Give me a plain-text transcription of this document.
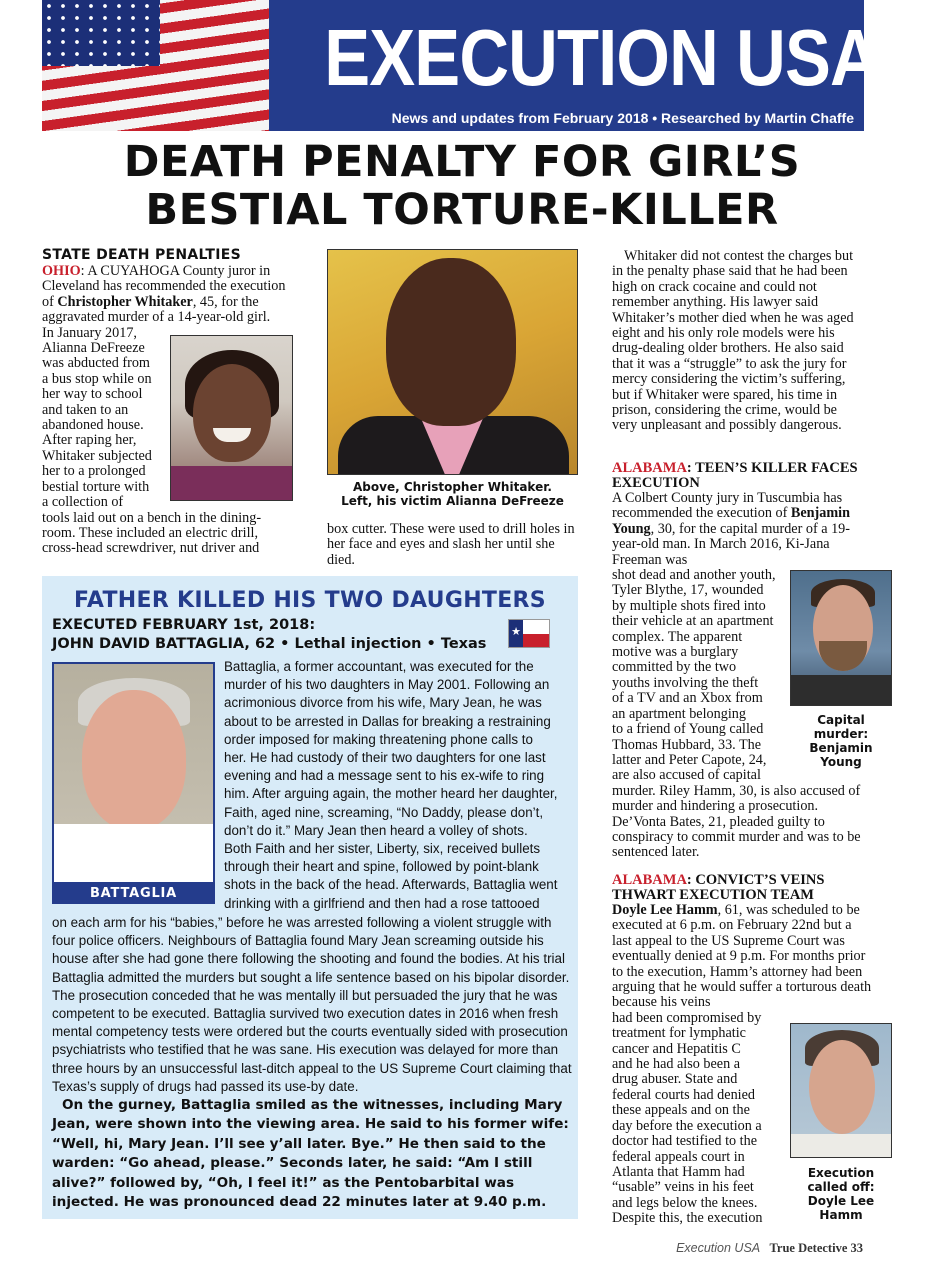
EXECUTION USA
News and updates from February 2018 • Researched by Martin Chaffe
DEATH PENALTY FOR GIRL’S
BESTIAL TORTURE-KILLER
STATE DEATH PENALTIES
OHIO: A CUYAHOGA County juror in Cleveland has recommended the execution of Christopher Whitaker, 45, for the aggravated murder of a 14-year-old girl.
In January 2017,
Alianna DeFreeze
was abducted from
a bus stop while on
her way to school
and taken to an
abandoned house.
After raping her,
Whitaker subjected
her to a prolonged
bestial torture with
a collection of
tools laid out on a bench in the dining-room. These included an electric drill, cross-head screwdriver, nut driver and
Above, Christopher Whitaker.
Left, his victim Alianna DeFreeze
box cutter. These were used to drill holes in her face and eyes and slash her until she died.
Whitaker did not contest the charges but in the penalty phase said that he had been high on crack cocaine and could not remember anything. His lawyer said Whitaker’s mother died when he was aged eight and his only role models were his drug-dealing older brothers. He also said that it was a “struggle” to ask the jury for mercy considering the victim’s suffering, but if Whitaker were spared, his time in prison, considering the crime, would be very unpleasant and possibly dangerous.
ALABAMA: TEEN’S KILLER FACES EXECUTION
A Colbert County jury in Tuscumbia has recommended the execution of Benjamin Young, 30, for the capital murder of a 19-year-old man. In March 2016, Ki-Jana Freeman was
shot dead and another youth,
Tyler Blythe, 17, wounded
by multiple shots fired into
their vehicle at an apartment
complex. The apparent
motive was a burglary
committed by the two
youths involving the theft
of a TV and an Xbox from
an apartment belonging
to a friend of Young called
Thomas Hubbard, 33. The
latter and Peter Capote, 24,
are also accused of capital
murder. Riley Hamm, 30, is also accused of murder and hindering a prosecution. De’Vonta Bates, 21, pleaded guilty to conspiracy to commit murder and was to be sentenced later.
Capital
murder:
Benjamin
Young
ALABAMA: CONVICT’S VEINS THWART EXECUTION TEAM
Doyle Lee Hamm, 61, was scheduled to be executed at 6 p.m. on February 22nd but a last appeal to the US Supreme Court was eventually denied at 9 p.m. For months prior to the execution, Hamm’s attorney had been arguing that he would suffer a torturous death because his veins
had been compromised by
treatment for lymphatic
cancer and Hepatitis C
and he had also been a
drug abuser. State and
federal courts had denied
these appeals and on the
day before the execution a
doctor had testified to the
federal appeals court in
Atlanta that Hamm had
“usable” veins in his feet
and legs below the knees.
Despite this, the execution
Execution
called off:
Doyle Lee
Hamm
FATHER KILLED HIS TWO DAUGHTERS
EXECUTED FEBRUARY 1st, 2018:
JOHN DAVID BATTAGLIA, 62 • Lethal injection • Texas
★
BATTAGLIA
Battaglia, a former accountant, was executed for the
murder of his two daughters in May 2001. Following an
acrimonious divorce from his wife, Mary Jean, he was
about to be arrested in Dallas for breaking a restraining
order imposed for making threatening phone calls to
her. He had custody of their two daughters for one last
evening and had a message sent to his ex-wife to ring
him. After arguing again, the mother heard her daughter,
Faith, aged nine, screaming, “No Daddy, please don’t,
don’t do it.” Mary Jean then heard a volley of shots.
Both Faith and her sister, Liberty, six, received bullets
through their heart and spine, followed by point-blank
shots in the back of the head. Afterwards, Battaglia went
drinking with a girlfriend and then had a rose tattooed
on each arm for his “babies,” before he was arrested following a violent struggle with four police officers. Neighbours of Battaglia found Mary Jean screaming outside his house after she had gone there following the shooting and found the bodies. At his trial Battaglia admitted the murders but sought a life sentence based on his bipolar disorder. The prosecution conceded that he was mentally ill but persuaded the jury that he was competent to be executed. Battaglia survived two execution dates in 2016 when fresh mental competency tests were ordered but the courts eventually sided with prosecution psychiatrists who testified that he was sane. His execution was delayed for more than three hours by an unsuccessful last-ditch appeal to the US Supreme Court claiming that Texas’s supply of drugs had passed its use-by date.
On the gurney, Battaglia smiled as the witnesses, including Mary Jean, were shown into the viewing area. He said to his former wife: “Well, hi, Mary Jean. I’ll see y’all later. Bye.” He then said to the warden: “Go ahead, please.” Seconds later, he said: “Am I still alive?” followed by, “Oh, I feel it!” as the Pentobarbital was injected. He was pronounced dead 22 minutes later at 9.40 p.m.
Execution USA True Detective 33
